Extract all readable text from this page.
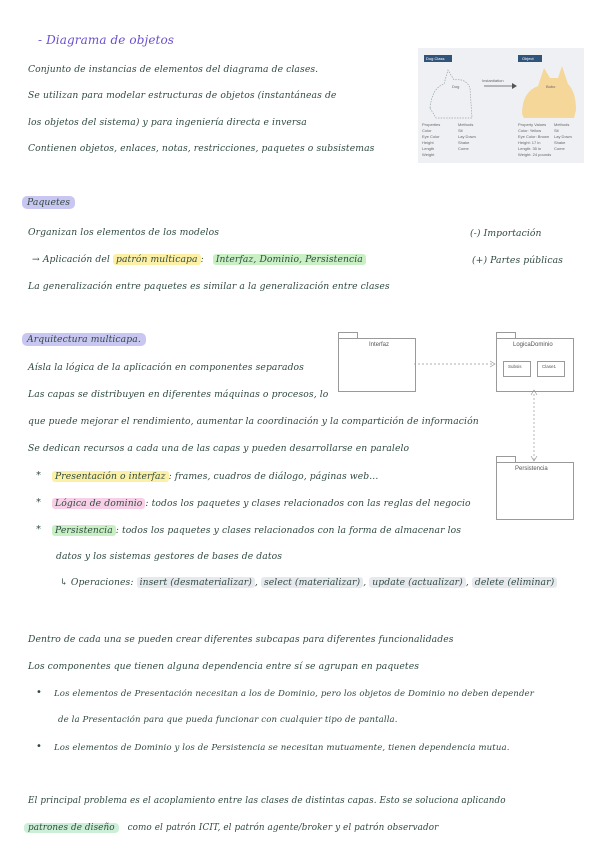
- Diagrama de objetos
Conjunto de instancias de elementos del diagrama de clases.
Se utilizan para modelar estructuras de objetos (instantáneas de
los objetos del sistema) y para ingeniería directa e inversa
Contienen objetos, enlaces, notas, restricciones, paquetes o subsistemas
Dog Class	Object
Instantiation
Dog	Bobo
Properties	Methods
Color	Sit
Eye Color	Lay Down
Height	Shake
Length	Come
Weight
Property Values Methods
Color: Yellow	Sit
Eye Color: Brown Lay Down
Height: 17 in	Shake
Length: 35 in	Come
Weight: 24 pounds
Paquetes
Organizan los elementos de los modelos
→ Aplicación del patrón multicapa : Interfaz, Dominio, Persistencia
La generalización entre paquetes es similar a la generalización entre clases
(-) Importación
(+) Partes públicas
Arquitectura multicapa.
Aísla la lógica de la aplicación en componentes separados
Las capas se distribuyen en diferentes máquinas o procesos, lo
que puede mejorar el rendimiento, aumentar la coordinación y la compartición de información
Se dedican recursos a cada una de las capas y pueden desarrollarse en paralelo
*	Presentación o interfaz : frames, cuadros de diálogo, páginas web...
*	Lógica de dominio : todos los paquetes y clases relacionados con las reglas del negocio
*	Persistencia : todos los paquetes y clases relacionados con la forma de almacenar los
datos y los sistemas gestores de bases de datos
↳ Operaciones: insert (desmaterializar) , select (materializar) , update (actualizar) , delete (eliminar)
Interfaz	LogicaDominio
Subsis	Clase1
Persistencia
Dentro de cada una se pueden crear diferentes subcapas para diferentes funcionalidades
Los componentes que tienen alguna dependencia entre sí se agrupan en paquetes
• Los elementos de Presentación necesitan a los de Dominio, pero los objetos de Dominio no deben depender
de la Presentación para que pueda funcionar con cualquier tipo de pantalla.
• Los elementos de Dominio y los de Persistencia se necesitan mutuamente, tienen dependencia mutua.
El principal problema es el acoplamiento entre las clases de distintas capas. Esto se soluciona aplicando
patrones de diseño como el patrón ICIT, el patrón agente/broker y el patrón observador
